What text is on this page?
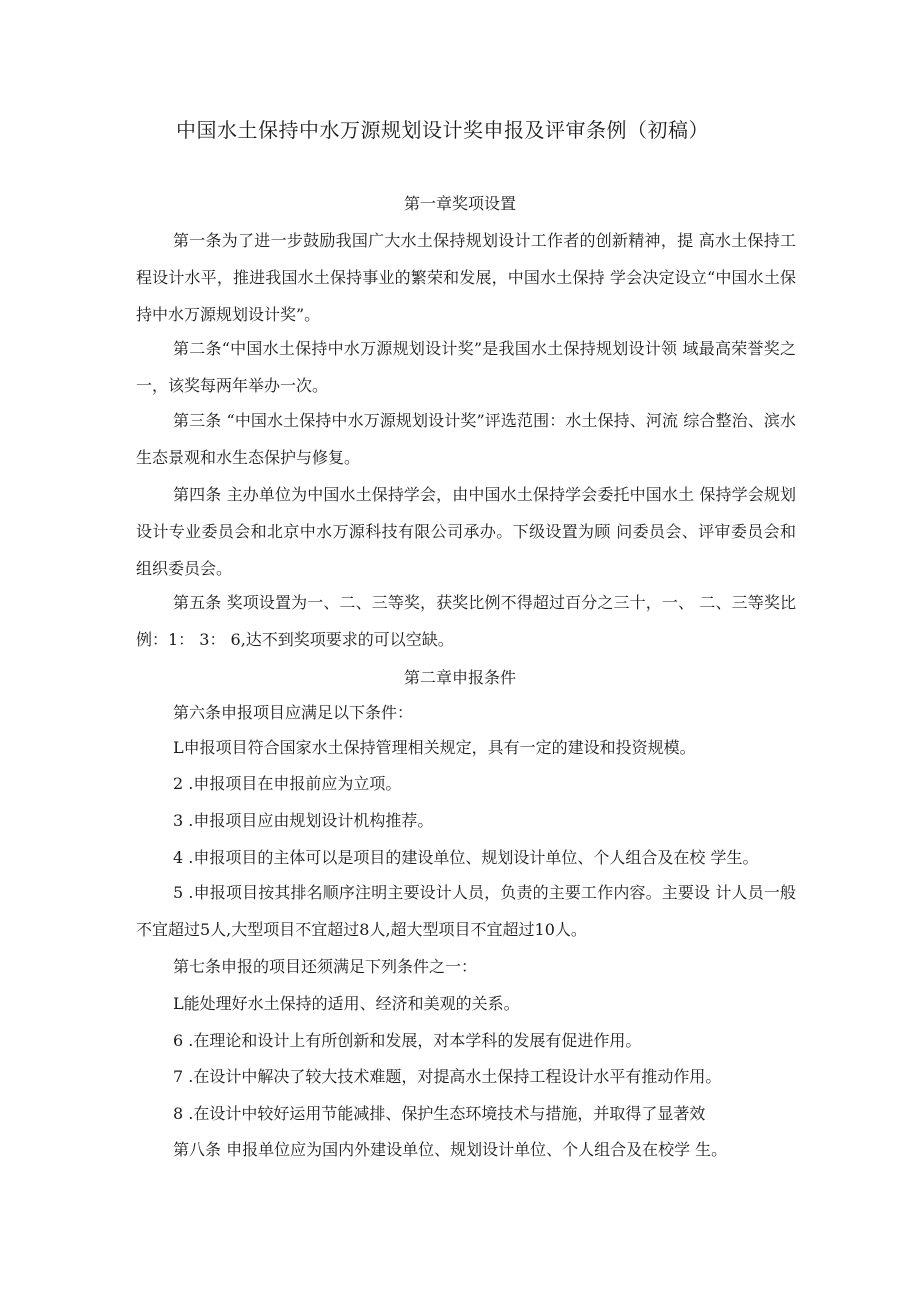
中国水土保持中水万源规划设计奖申报及评审条例（初稿）
第一章奖项设置

第一条为了进一步鼓励我国广大水土保持规划设计工作者的创新精神，提 高水土保持工程设计水平，推进我国水土保持事业的繁荣和发展，中国水土保持 学会决定设立“中国水土保持中水万源规划设计奖”。

第二条“中国水土保持中水万源规划设计奖”是我国水土保持规划设计领 域最高荣誉奖之一，该奖每两年举办一次。

第三条 “中国水土保持中水万源规划设计奖”评选范围：水土保持、河流 综合整治、滨水生态景观和水生态保护与修复。

第四条 主办单位为中国水土保持学会，由中国水土保持学会委托中国水土 保持学会规划设计专业委员会和北京中水万源科技有限公司承办。下级设置为顾 问委员会、评审委员会和组织委员会。

第五条 奖项设置为一、二、三等奖，获奖比例不得超过百分之三十，一、 二、三等奖比例：1： 3： 6,达不到奖项要求的可以空缺。

第二章申报条件
第六条申报项目应满足以下条件：
L申报项目符合国家水土保持管理相关规定，具有一定的建设和投资规模。
2 .申报项目在申报前应为立项。
3 .申报项目应由规划设计机构推荐。
4 .申报项目的主体可以是项目的建设单位、规划设计单位、个人组合及在校 学生。

5 .申报项目按其排名顺序注明主要设计人员，负责的主要工作内容。主要设 计人员一般不宜超过5人,大型项目不宜超过8人,超大型项目不宜超过10人。

第七条申报的项目还须满足下列条件之一：
L能处理好水土保持的适用、经济和美观的关系。
6 .在理论和设计上有所创新和发展，对本学科的发展有促进作用。
7 .在设计中解决了较大技术难题，对提高水土保持工程设计水平有推动作用。
8 .在设计中较好运用节能减排、保护生态环境技术与措施，并取得了显著效
第八条 申报单位应为国内外建设单位、规划设计单位、个人组合及在校学 生。
